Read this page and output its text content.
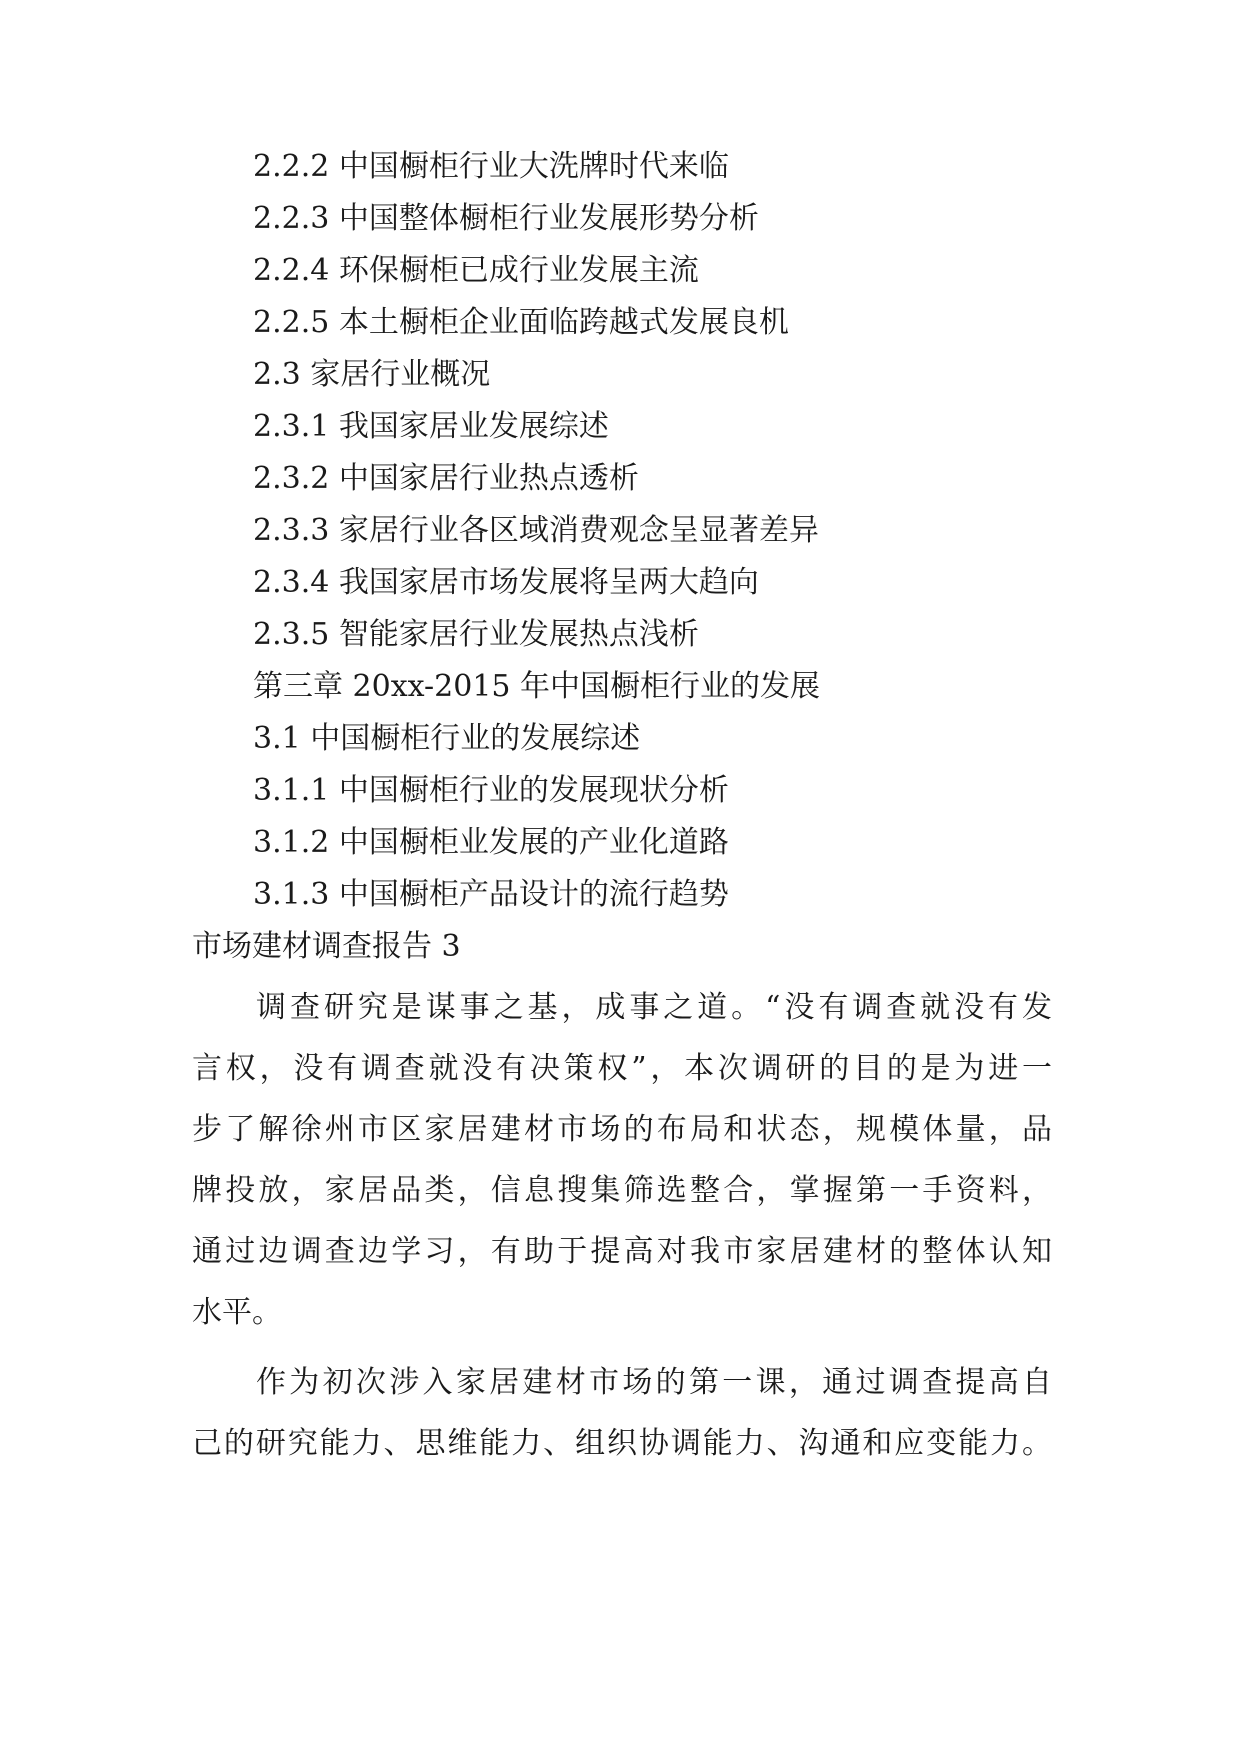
2.2.2 中国橱柜行业大洗牌时代来临
2.2.3 中国整体橱柜行业发展形势分析
2.2.4 环保橱柜已成行业发展主流
2.2.5 本土橱柜企业面临跨越式发展良机
2.3 家居行业概况
2.3.1 我国家居业发展综述
2.3.2 中国家居行业热点透析
2.3.3 家居行业各区域消费观念呈显著差异
2.3.4 我国家居市场发展将呈两大趋向
2.3.5 智能家居行业发展热点浅析
第三章 20xx-2015 年中国橱柜行业的发展
3.1 中国橱柜行业的发展综述
3.1.1 中国橱柜行业的发展现状分析
3.1.2 中国橱柜业发展的产业化道路
3.1.3 中国橱柜产品设计的流行趋势
市场建材调查报告 3
调查研究是谋事之基，成事之道。“没有调查就没有发
言权，没有调查就没有决策权”，本次调研的目的是为进一
步了解徐州市区家居建材市场的布局和状态，规模体量，品
牌投放，家居品类，信息搜集筛选整合，掌握第一手资料，
通过边调查边学习，有助于提高对我市家居建材的整体认知
水平。
作为初次涉入家居建材市场的第一课，通过调查提高自
己的研究能力、思维能力、组织协调能力、沟通和应变能力。
